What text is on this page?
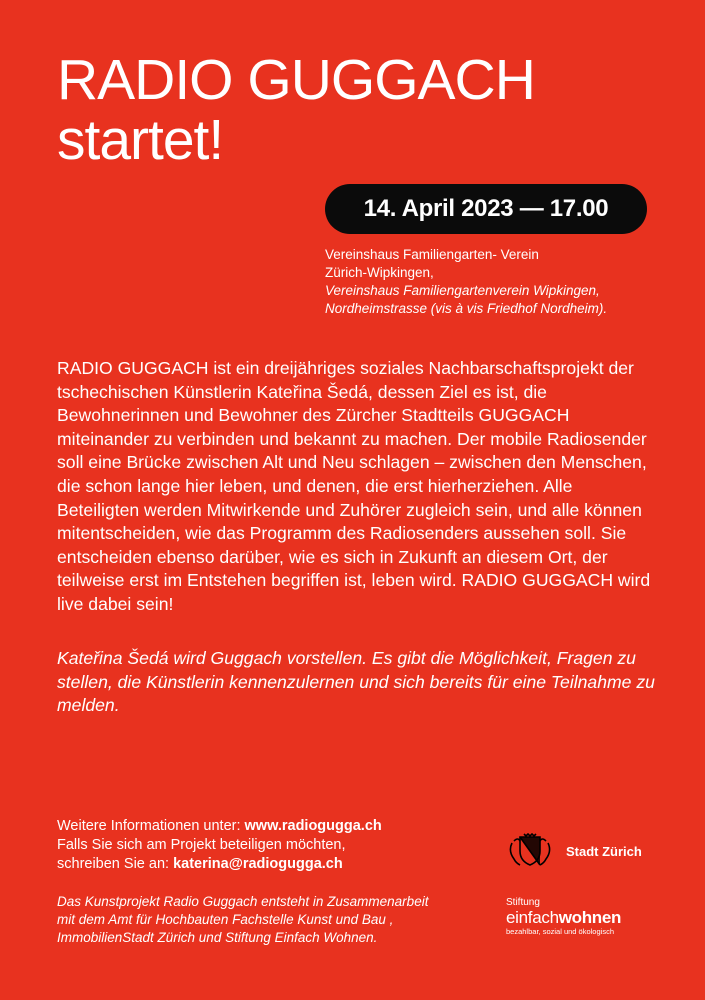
RADIO GUGGACH
startet!
14. April 2023 — 17.00
Vereinshaus Familiengarten- Verein
Zürich-Wipkingen,
Vereinshaus Familiengartenverein Wipkingen,
Nordheimstrasse (vis à vis Friedhof Nordheim).

RADIO GUGGACH ist ein dreijähriges soziales Nachbarschaftsprojekt der tschechischen Künstlerin Kateřina Šedá, dessen Ziel es ist, die Bewohnerinnen und Bewohner des Zürcher Stadtteils GUGGACH miteinander zu verbinden und bekannt zu machen. Der mobile Radiosender soll eine Brücke zwischen Alt und Neu schlagen – zwischen den Menschen, die schon lange hier leben, und denen, die erst hierherziehen. Alle Beteiligten werden Mitwirkende und Zuhörer zugleich sein, und alle können mitentscheiden, wie das Programm des Radiosenders aussehen soll. Sie entscheiden ebenso darüber, wie es sich in Zukunft an diesem Ort, der teilweise erst im Entstehen begriffen ist, leben wird. RADIO GUGGACH wird live dabei sein!

Kateřina Šedá wird Guggach vorstellen. Es gibt die Möglichkeit, Fragen zu stellen, die Künstlerin kennenzulernen und sich bereits für eine Teilnahme zu melden.

Weitere Informationen unter: www.radiogugga.ch
Falls Sie sich am Projekt beteiligen möchten,
schreiben Sie an: katerina@radiogugga.ch
Das Kunstprojekt Radio Guggach entsteht in Zusammenarbeit
mit dem Amt für Hochbauten Fachstelle Kunst und Bau ,
ImmobilienStadt Zürich und Stiftung Einfach Wohnen.
Stadt Zürich
Stiftung
einfachwohnen
bezahlbar, sozial und ökologisch
